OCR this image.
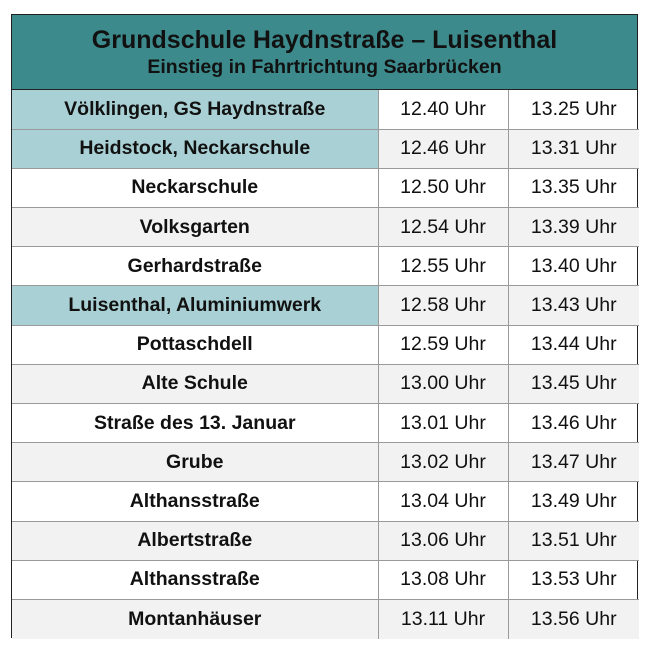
Grundschule Haydnstraße – Luisenthal
Einstieg in Fahrtrichtung Saarbrücken
Völklingen, GS Haydnstraße	12.40 Uhr	13.25 Uhr
Heidstock, Neckarschule	12.46 Uhr	13.31 Uhr
Neckarschule	12.50 Uhr	13.35 Uhr
Volksgarten	12.54 Uhr	13.39 Uhr
Gerhardstraße	12.55 Uhr	13.40 Uhr
Luisenthal, Aluminiumwerk	12.58 Uhr	13.43 Uhr
Pottaschdell	12.59 Uhr	13.44 Uhr
Alte Schule	13.00 Uhr	13.45 Uhr
Straße des 13. Januar	13.01 Uhr	13.46 Uhr
Grube	13.02 Uhr	13.47 Uhr
Althansstraße	13.04 Uhr	13.49 Uhr
Albertstraße	13.06 Uhr	13.51 Uhr
Althansstraße	13.08 Uhr	13.53 Uhr
Montanhäuser	13.11 Uhr	13.56 Uhr
